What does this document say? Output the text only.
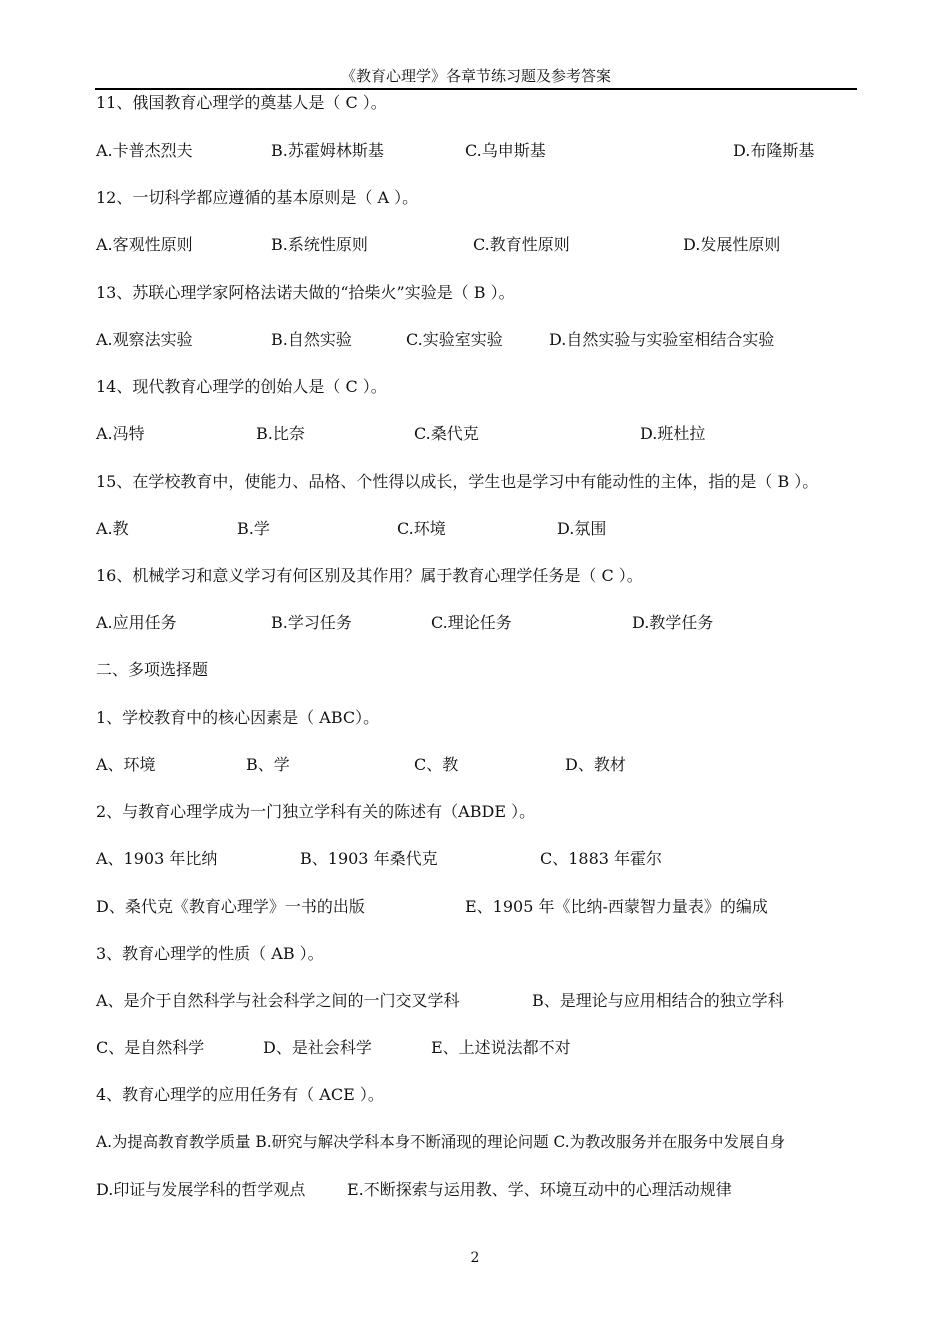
《教育心理学》各章节练习题及参考答案
11、俄国教育心理学的奠基人是（ C ）。
A.卡普杰烈夫	B.苏霍姆林斯基	C.乌申斯基	D.布隆斯基
12、一切科学都应遵循的基本原则是（ A ）。
A.客观性原则	B.系统性原则	C.教育性原则	D.发展性原则
13、苏联心理学家阿格法诺夫做的“拾柴火”实验是（ B ）。
A.观察法实验	B.自然实验	C.实验室实验	D.自然实验与实验室相结合实验
14、现代教育心理学的创始人是（ C ）。
A.冯特	B.比奈	C.桑代克	D.班杜拉
15、在学校教育中，使能力、品格、个性得以成长，学生也是学习中有能动性的主体，指的是（ B ）。
A.教	B.学	C.环境	D.氛围
16、机械学习和意义学习有何区别及其作用？属于教育心理学任务是（ C ）。
A.应用任务	B.学习任务	C.理论任务	D.教学任务
二、多项选择题
1、学校教育中的核心因素是（ ABC）。
A、环境	B、学	C、教	D、教材
2、与教育心理学成为一门独立学科有关的陈述有（ABDE ）。
A、1903 年比纳	B、1903 年桑代克	C、1883 年霍尔
D、桑代克《教育心理学》一书的出版	E、1905 年《比纳-西蒙智力量表》的编成
3、教育心理学的性质（ AB ）。
A、是介于自然科学与社会科学之间的一门交叉学科	B、是理论与应用相结合的独立学科
C、是自然科学	D、是社会科学	E、上述说法都不对
4、教育心理学的应用任务有（ ACE ）。
A.为提高教育教学质量 B.研究与解决学科本身不断涌现的理论问题 C.为教改服务并在服务中发展自身
D.印证与发展学科的哲学观点	E.不断探索与运用教、学、环境互动中的心理活动规律
2
